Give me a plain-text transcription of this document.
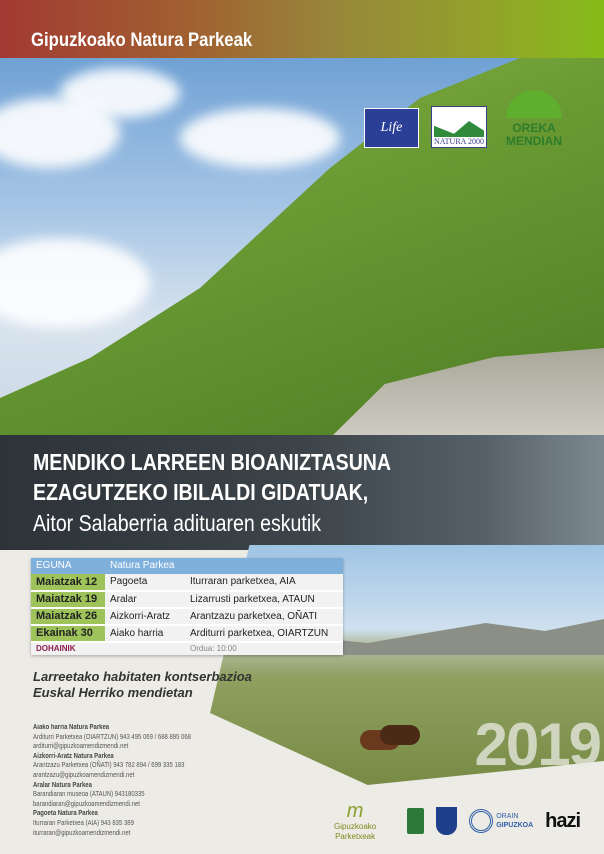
Gipuzkoako Natura Parkeak
Life
NATURA 2000
OREKA
MENDIAN
MENDIKO LARREEN BIOANIZTASUNA
EZAGUTZEKO IBILALDI GIDATUAK,
Aitor Salaberria adituaren eskutik
2019
EGUNA	Natura Parkea	
Maiatzak 12	Pagoeta	Iturraran parketxea, AIA
Maiatzak 19	Aralar	Lizarrusti parketxea, ATAUN
Maiatzak 26	Aizkorri-Aratz	Arantzazu parketxea, OÑATI
Ekainak 30	Aiako harria	Arditurri parketxea, OIARTZUN
DOHAINIK		Ordua: 10:00
Larreetako habitaten kontserbazioa
Euskal Herriko mendietan
Aiako harria Natura Parkea
Arditurri Parketxea (OIARTZUN) 943 495 069 / 688 895 068
arditurri@gipuzkoamendizmendi.net
Aizkorri-Aratz Natura Parkea
Arantzazu Parketxea (OÑATI) 943 782 894 / 699 335 183
arantzazu@gipuzkoamendizmendi.net
Aralar Natura Parkea
Barandiaran museoa (ATAUN) 943180335
barandiaran@gipuzkoamendizmendi.net
Pagoeta Natura Parkea
Iturraran Parketxea (AIA) 943 835 389
iturraran@gipuzkoamendizmendi.net
m
Gipuzkoako Parketxeak
ORAIN
GIPUZKOA hazi
